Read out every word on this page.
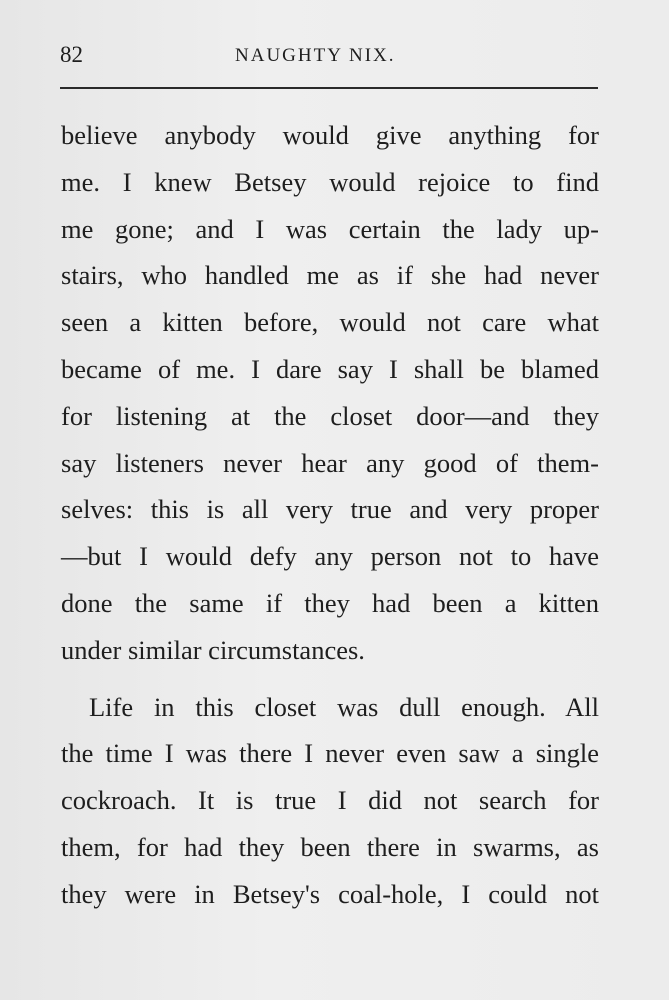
82	NAUGHTY NIX.
believe anybody would give anything for
me. I knew Betsey would rejoice to find
me gone; and I was certain the lady up-
stairs, who handled me as if she had never
seen a kitten before, would not care what
became of me. I dare say I shall be blamed
for listening at the closet door—and they
say listeners never hear any good of them-
selves: this is all very true and very proper
—but I would defy any person not to have
done the same if they had been a kitten
under similar circumstances.
Life in this closet was dull enough. All
the time I was there I never even saw a single
cockroach. It is true I did not search for
them, for had they been there in swarms, as
they were in Betsey's coal-hole, I could not
